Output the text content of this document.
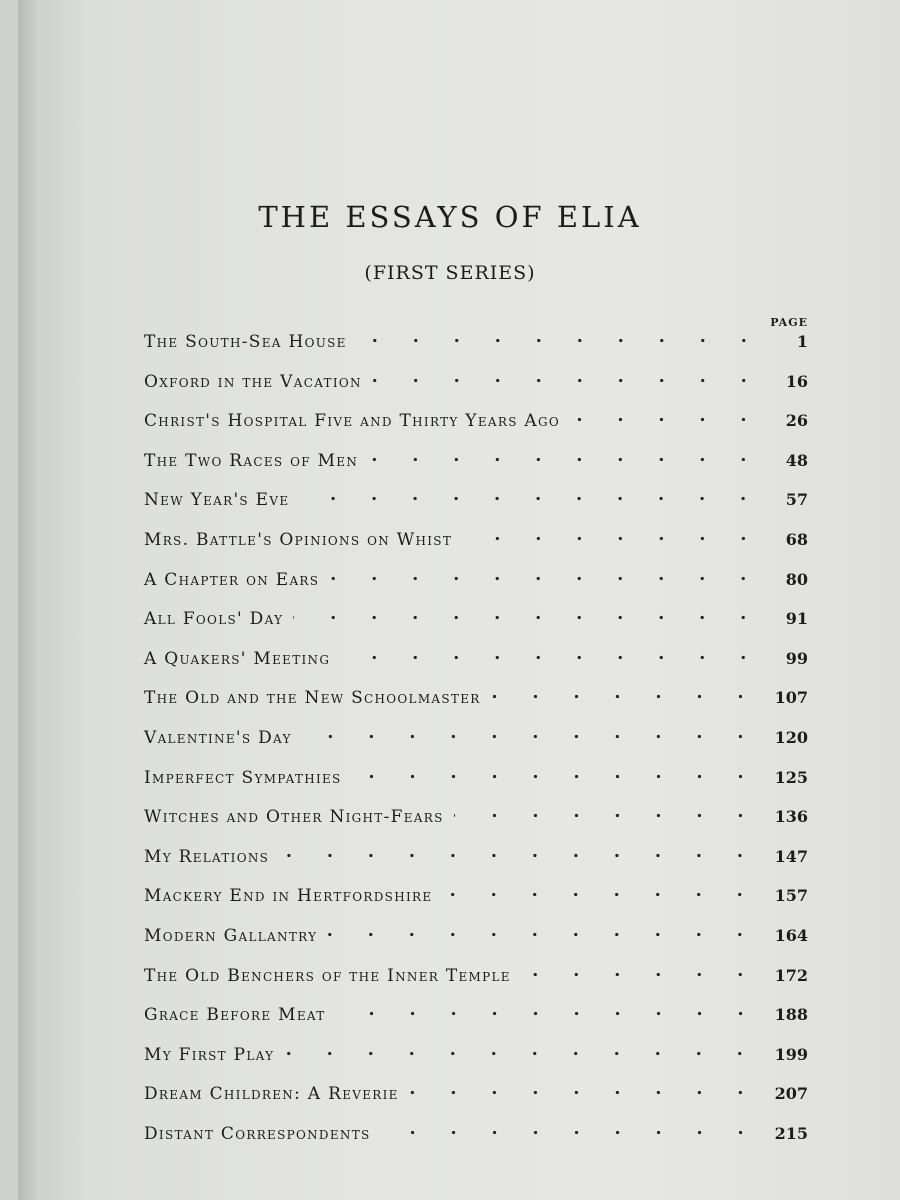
THE ESSAYS OF ELIA
(FIRST SERIES)
PAGE
The South-Sea House	1
Oxford in the Vacation	16
Christ's Hospital Five and Thirty Years Ago	26
The Two Races of Men	48
New Year's Eve	57
Mrs. Battle's Opinions on Whist	68
A Chapter on Ears	80
All Fools' Day	91
A Quakers' Meeting	99
The Old and the New Schoolmaster	107
Valentine's Day	120
Imperfect Sympathies	125
Witches and Other Night-Fears	136
My Relations	147
Mackery End in Hertfordshire	157
Modern Gallantry	164
The Old Benchers of the Inner Temple	172
Grace Before Meat	188
My First Play	199
Dream Children: A Reverie	207
Distant Correspondents	215
